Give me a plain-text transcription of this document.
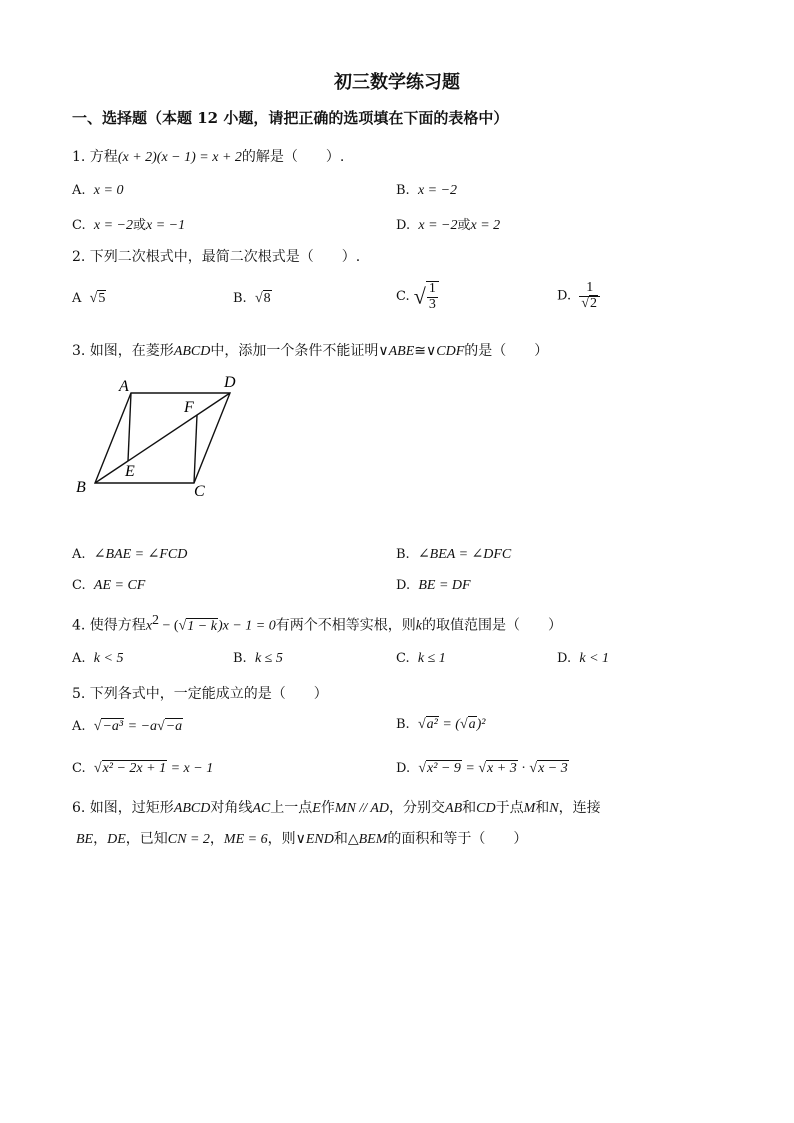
初三数学练习题
一、选择题（本题 12 小题，请把正确的选项填在下面的表格中）
1. 方程(x + 2)(x − 1) = x + 2的解是（　　）.
A. x = 0	B. x = −2
C. x = −2或x = −1	D. x = −2或x = 2
2. 下列二次根式中，最简二次根式是（　　）.
A √5	B. √8	C. √ $\frac{1}{3}$	D. $\frac{1}{√2}$
3. 如图，在菱形ABCD中，添加一个条件不能证明∨ABE≅∨CDF的是（　　）
A	D
F
E
B	C
A. ∠BAE = ∠FCD	B. ∠BEA = ∠DFC
C. AE = CF	D. BE = DF
4. 使得方程$x^2 - (√1 - k)x - 1 = 0$有两个不相等实根，则k的取值范围是（　　）
A. k < 5	B. k ≤ 5	C. k ≤ 1	D. k < 1
5. 下列各式中，一定能成立的是（　　）
A. √−a³ = −a√−a	B. √a² = (√a)²
C. √x² − 2x + 1 = x − 1	D. √x² − 9 = √x + 3 · √x − 3
6. 如图，过矩形ABCD对角线AC上一点E作MN // AD，分别交AB和CD于点M和N，连接
BE，DE，已知CN = 2，ME = 6，则∨END和△BEM的面积和等于（　　）
